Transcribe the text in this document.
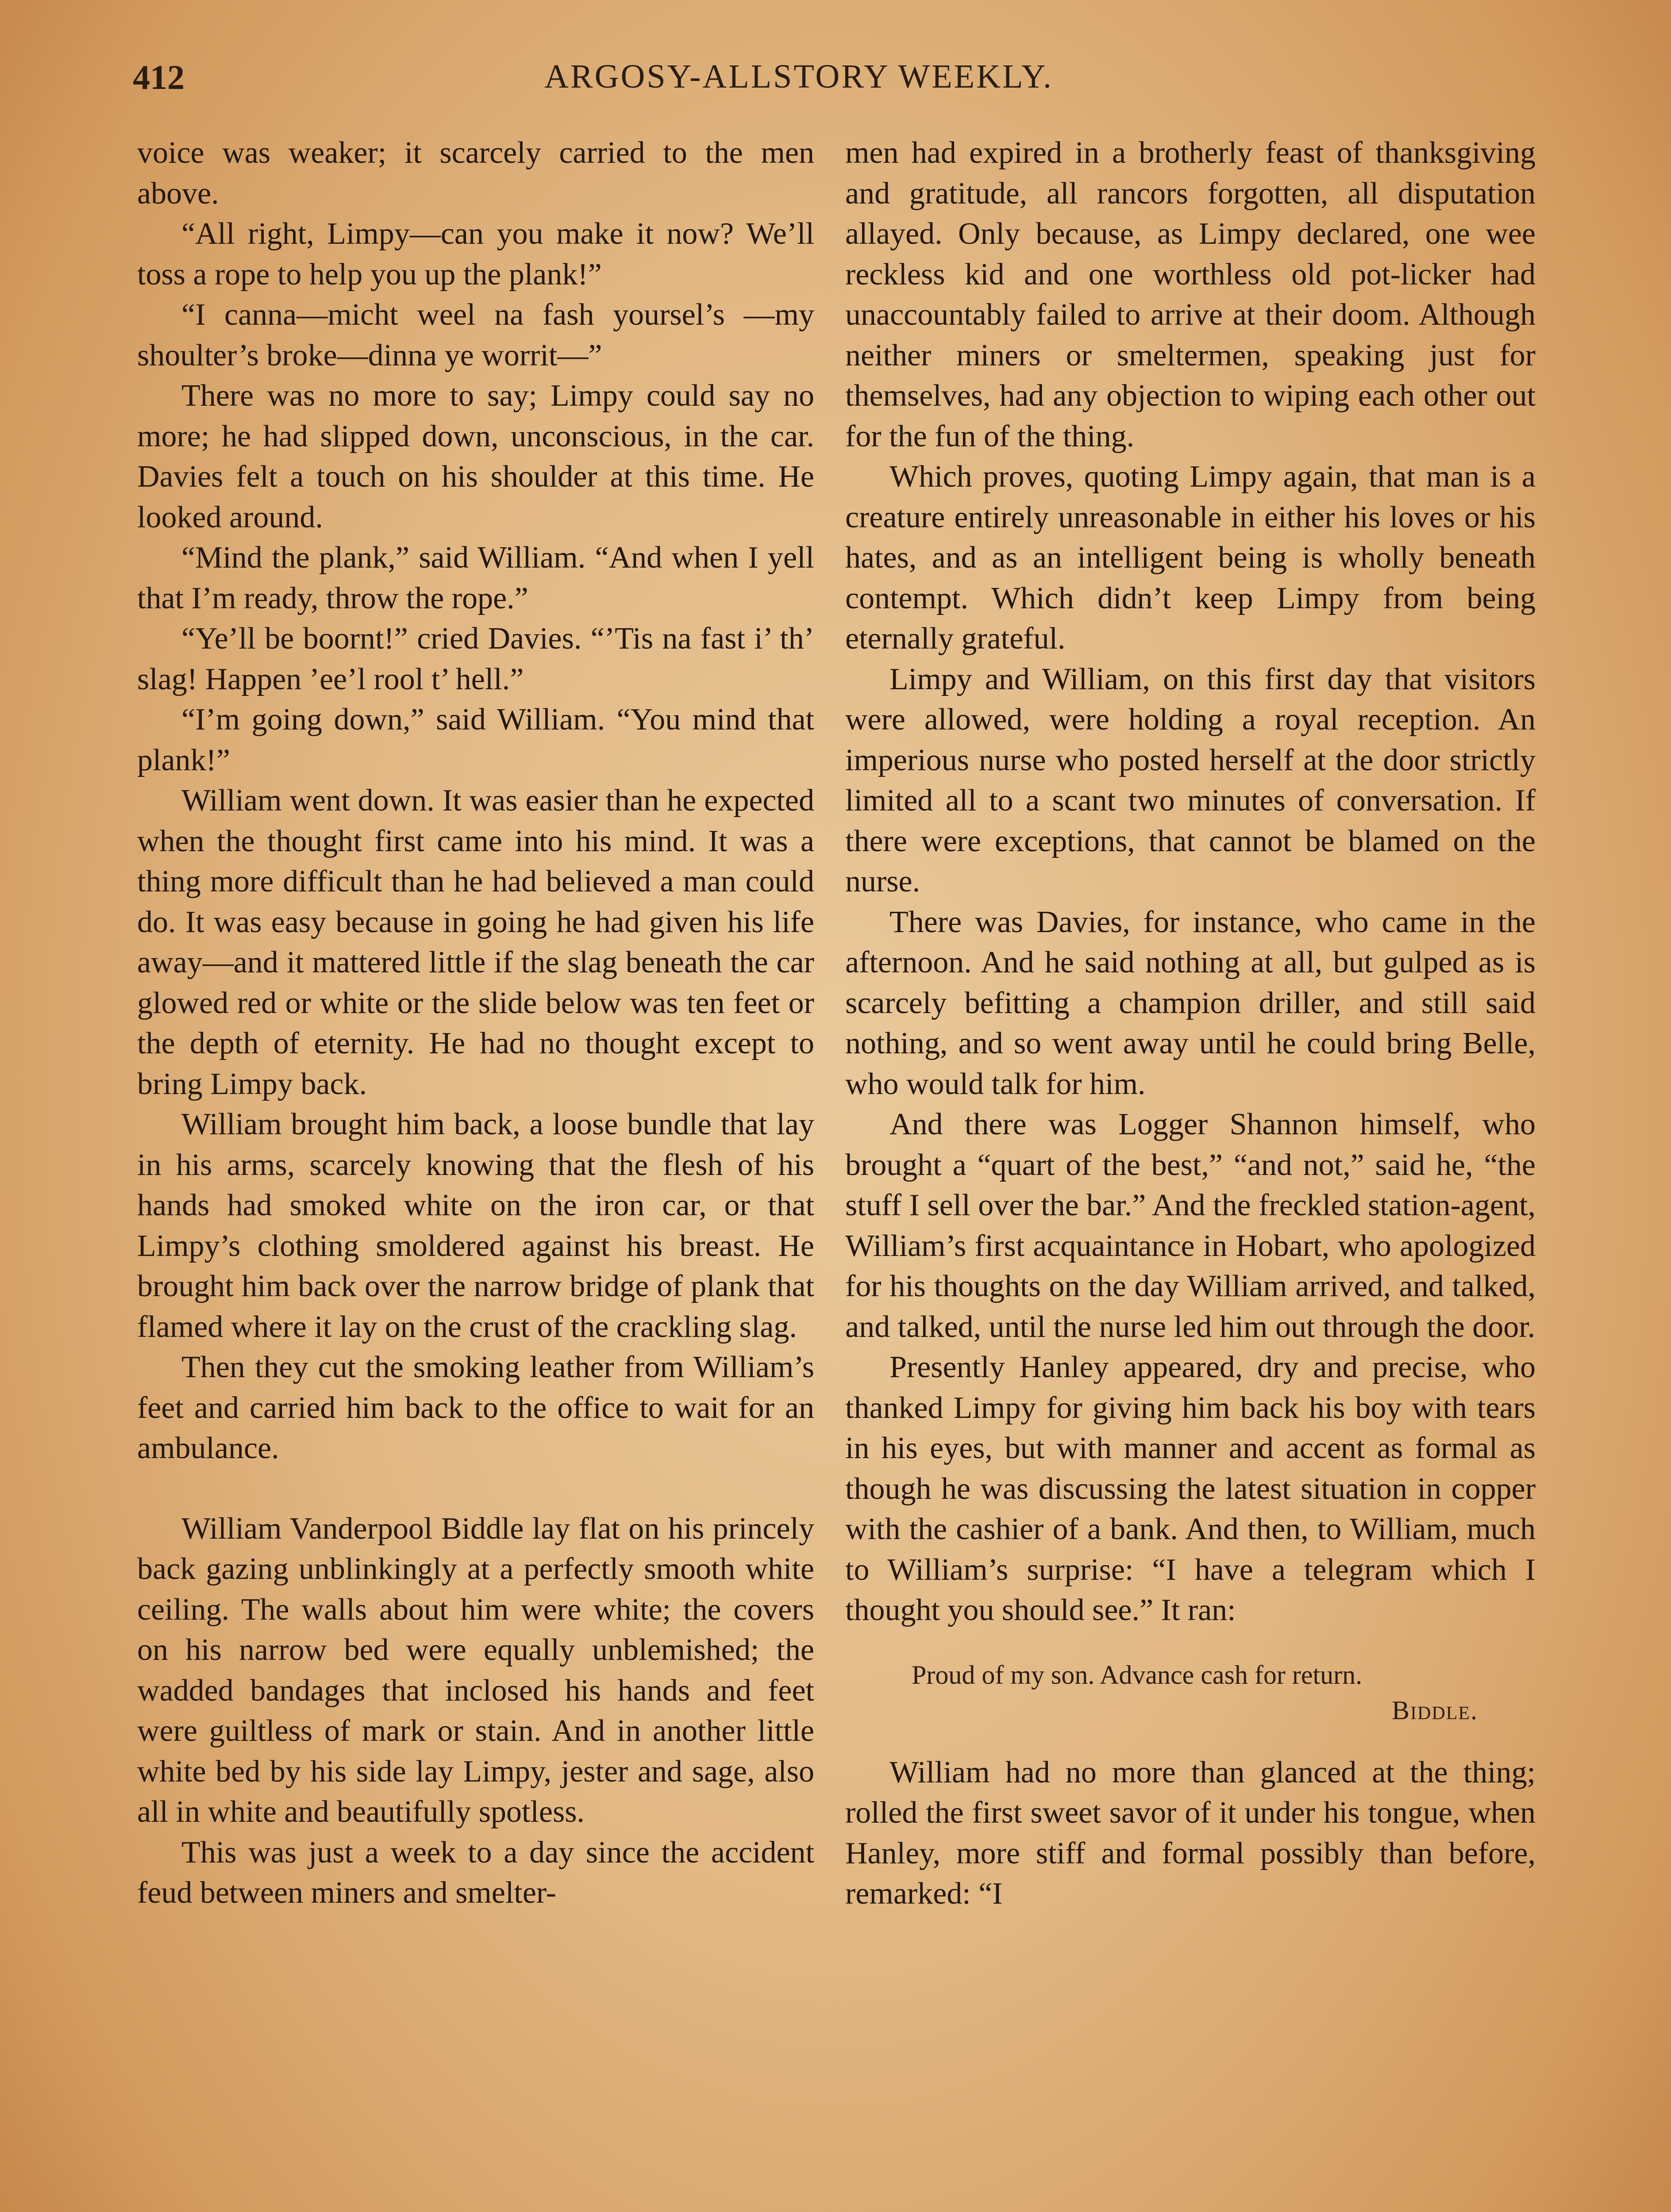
412	ARGOSY-ALLSTORY WEEKLY.

voice was weaker; it scarcely carried to the men above.

“All right, Limpy—can you make it now? We’ll toss a rope to help you up the plank!”

“I canna—micht weel na fash yoursel’s —my shoulter’s broke—dinna ye worrit—”

There was no more to say; Limpy could say no more; he had slipped down, unconscious, in the car. Davies felt a touch on his shoulder at this time. He looked around.

“Mind the plank,” said William. “And when I yell that I’m ready, throw the rope.”

“Ye’ll be boornt!” cried Davies. “’Tis na fast i’ th’ slag! Happen ’ee’l rool t’ hell.”

“I’m going down,” said William. “You mind that plank!”

William went down. It was easier than he expected when the thought first came into his mind. It was a thing more difficult than he had believed a man could do. It was easy because in going he had given his life away—and it mattered little if the slag beneath the car glowed red or white or the slide below was ten feet or the depth of eternity. He had no thought except to bring Limpy back.

William brought him back, a loose bundle that lay in his arms, scarcely knowing that the flesh of his hands had smoked white on the iron car, or that Limpy’s clothing smoldered against his breast. He brought him back over the narrow bridge of plank that flamed where it lay on the crust of the crackling slag.

Then they cut the smoking leather from William’s feet and carried him back to the office to wait for an ambulance.

William Vanderpool Biddle lay flat on his princely back gazing unblinkingly at a perfectly smooth white ceiling. The walls about him were white; the covers on his narrow bed were equally unblemished; the wadded bandages that inclosed his hands and feet were guiltless of mark or stain. And in another little white bed by his side lay Limpy, jester and sage, also all in white and beautifully spotless.

This was just a week to a day since the accident feud between miners and smelter-

men had expired in a brotherly feast of thanksgiving and gratitude, all rancors forgotten, all disputation allayed. Only because, as Limpy declared, one wee reckless kid and one worthless old pot-licker had unaccountably failed to arrive at their doom. Although neither miners or smeltermen, speaking just for themselves, had any objection to wiping each other out for the fun of the thing.

Which proves, quoting Limpy again, that man is a creature entirely unreasonable in either his loves or his hates, and as an intelligent being is wholly beneath contempt. Which didn’t keep Limpy from being eternally grateful.

Limpy and William, on this first day that visitors were allowed, were holding a royal reception. An imperious nurse who posted herself at the door strictly limited all to a scant two minutes of conversation. If there were exceptions, that cannot be blamed on the nurse.

There was Davies, for instance, who came in the afternoon. And he said nothing at all, but gulped as is scarcely befitting a champion driller, and still said nothing, and so went away until he could bring Belle, who would talk for him.

And there was Logger Shannon himself, who brought a “quart of the best,” “and not,” said he, “the stuff I sell over the bar.” And the freckled station-agent, William’s first acquaintance in Hobart, who apologized for his thoughts on the day William arrived, and talked, and talked, until the nurse led him out through the door.

Presently Hanley appeared, dry and precise, who thanked Limpy for giving him back his boy with tears in his eyes, but with manner and accent as formal as though he was discussing the latest situation in copper with the cashier of a bank. And then, to William, much to William’s surprise: “I have a telegram which I thought you should see.” It ran:

Proud of my son. Advance cash for return.
Biddle.

William had no more than glanced at the thing; rolled the first sweet savor of it under his tongue, when Hanley, more stiff and formal possibly than before, remarked: “I
